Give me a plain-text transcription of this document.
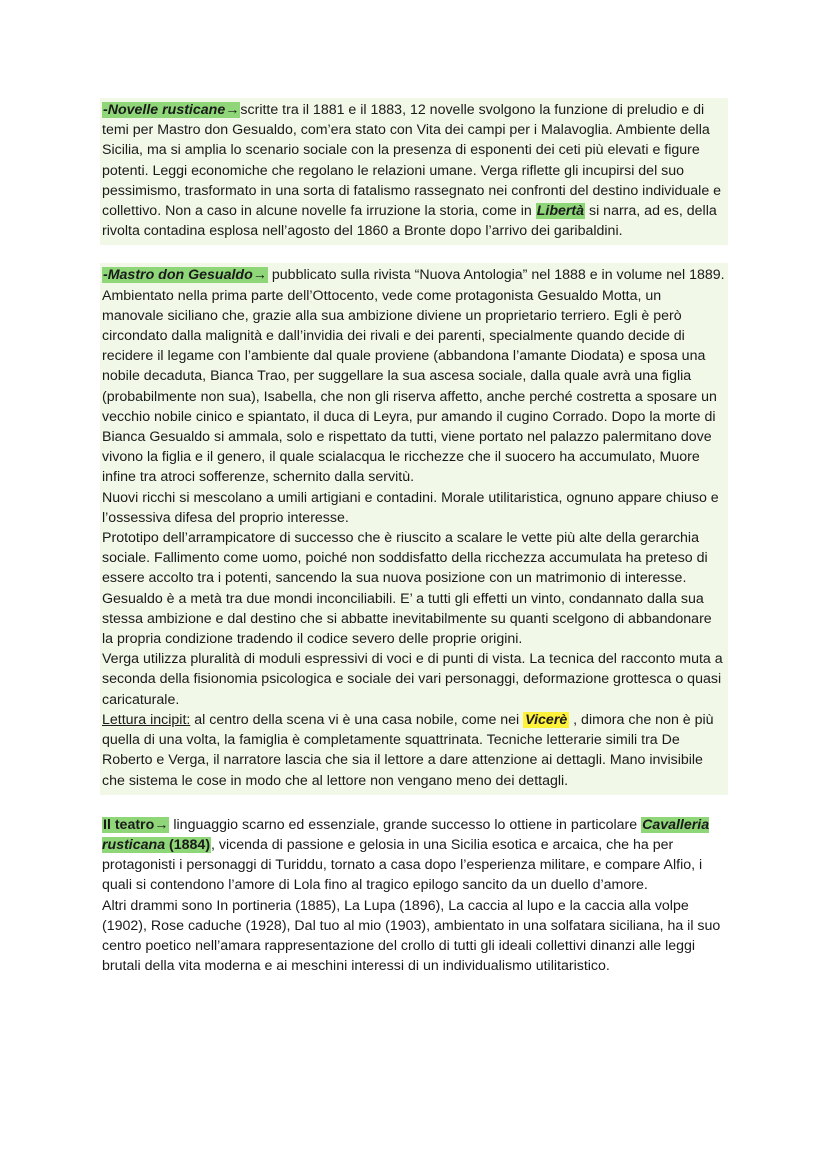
-Novelle rusticane→scritte tra il 1881 e il 1883, 12 novelle svolgono la funzione di preludio e di temi per Mastro don Gesualdo, com’era stato con Vita dei campi per i Malavoglia. Ambiente della Sicilia, ma si amplia lo scenario sociale con la presenza di esponenti dei ceti più elevati e figure potenti. Leggi economiche che regolano le relazioni umane. Verga riflette gli incupirsi del suo pessimismo, trasformato in una sorta di fatalismo rassegnato nei confronti del destino individuale e collettivo. Non a caso in alcune novelle fa irruzione la storia, come in Libertà si narra, ad es, della rivolta contadina esplosa nell’agosto del 1860 a Bronte dopo l’arrivo dei garibaldini.

-Mastro don Gesualdo→ pubblicato sulla rivista “Nuova Antologia” nel 1888 e in volume nel 1889. Ambientato nella prima parte dell’Ottocento, vede come protagonista Gesualdo Motta, un manovale siciliano che, grazie alla sua ambizione diviene un proprietario terriero. Egli è però circondato dalla malignità e dall’invidia dei rivali e dei parenti, specialmente quando decide di recidere il legame con l’ambiente dal quale proviene (abbandona l’amante Diodata) e sposa una nobile decaduta, Bianca Trao, per suggellare la sua ascesa sociale, dalla quale avrà una figlia (probabilmente non sua), Isabella, che non gli riserva affetto, anche perché costretta a sposare un vecchio nobile cinico e spiantato, il duca di Leyra, pur amando il cugino Corrado. Dopo la morte di Bianca Gesualdo si ammala, solo e rispettato da tutti, viene portato nel palazzo palermitano dove vivono la figlia e il genero, il quale scialacqua le ricchezze che il suocero ha accumulato, Muore infine tra atroci sofferenze, schernito dalla servitù.

Nuovi ricchi si mescolano a umili artigiani e contadini. Morale utilitaristica, ognuno appare chiuso e l’ossessiva difesa del proprio interesse.

Prototipo dell’arrampicatore di successo che è riuscito a scalare le vette più alte della gerarchia sociale. Fallimento come uomo, poiché non soddisfatto della ricchezza accumulata ha preteso di essere accolto tra i potenti, sancendo la sua nuova posizione con un matrimonio di interesse. Gesualdo è a metà tra due mondi inconciliabili. E’ a tutti gli effetti un vinto, condannato dalla sua stessa ambizione e dal destino che si abbatte inevitabilmente su quanti scelgono di abbandonare la propria condizione tradendo il codice severo delle proprie origini.

Verga utilizza pluralità di moduli espressivi di voci e di punti di vista. La tecnica del racconto muta a seconda della fisionomia psicologica e sociale dei vari personaggi, deformazione grottesca o quasi caricaturale.

Lettura incipit: al centro della scena vi è una casa nobile, come nei Vicerè , dimora che non è più quella di una volta, la famiglia è completamente squattrinata. Tecniche letterarie simili tra De Roberto e Verga, il narratore lascia che sia il lettore a dare attenzione ai dettagli. Mano invisibile che sistema le cose in modo che al lettore non vengano meno dei dettagli.

Il teatro→ linguaggio scarno ed essenziale, grande successo lo ottiene in particolare Cavalleria rusticana (1884), vicenda di passione e gelosia in una Sicilia esotica e arcaica, che ha per protagonisti i personaggi di Turiddu, tornato a casa dopo l’esperienza militare, e compare Alfio, i quali si contendono l’amore di Lola fino al tragico epilogo sancito da un duello d’amore.

Altri drammi sono In portineria (1885), La Lupa (1896), La caccia al lupo e la caccia alla volpe (1902), Rose caduche (1928), Dal tuo al mio (1903), ambientato in una solfatara siciliana, ha il suo centro poetico nell’amara rappresentazione del crollo di tutti gli ideali collettivi dinanzi alle leggi brutali della vita moderna e ai meschini interessi di un individualismo utilitaristico.
